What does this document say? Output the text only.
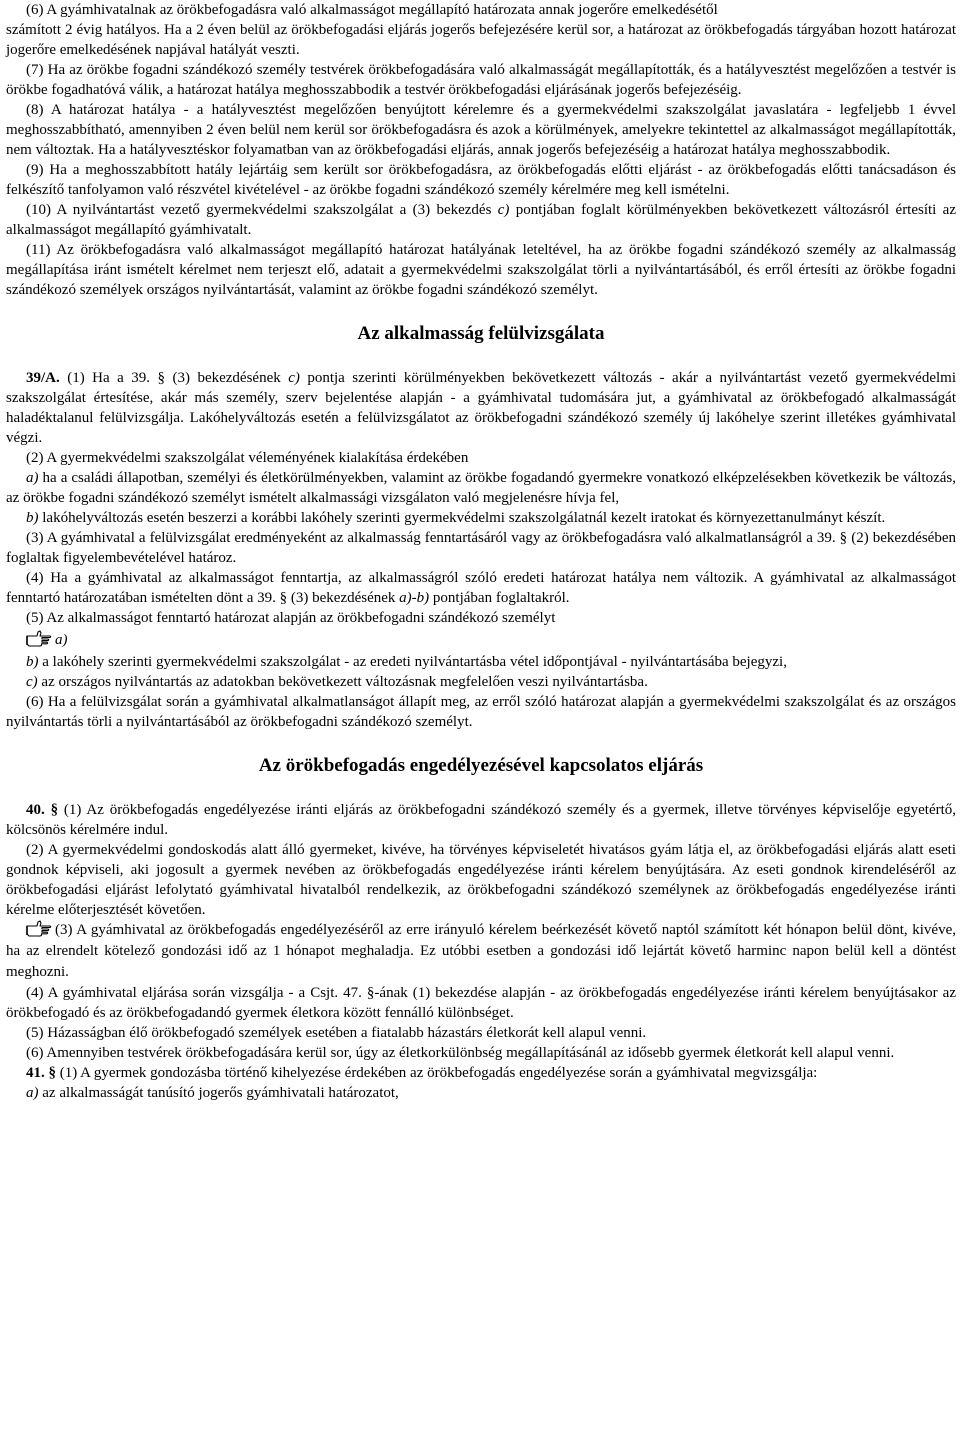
(6) A gyámhivatalnak az örökbefogadásra való alkalmasságot megállapító határozata annak jogerőre emelkedésétől

számított 2 évig hatályos. Ha a 2 éven belül az örökbefogadási eljárás jogerős befejezésére kerül sor, a határozat az örökbefogadás tárgyában hozott határozat jogerőre emelkedésének napjával hatályát veszti.

(7) Ha az örökbe fogadni szándékozó személy testvérek örökbefogadására való alkalmasságát megállapították, és a hatályvesztést megelőzően a testvér is örökbe fogadhatóvá válik, a határozat hatálya meghosszabbodik a testvér örökbefogadási eljárásának jogerős befejezéséig.

(8) A határozat hatálya - a hatályvesztést megelőzően benyújtott kérelemre és a gyermekvédelmi szakszolgálat javaslatára - legfeljebb 1 évvel meghosszabbítható, amennyiben 2 éven belül nem kerül sor örökbefogadásra és azok a körülmények, amelyekre tekintettel az alkalmasságot megállapították, nem változtak. Ha a hatályvesztéskor folyamatban van az örökbefogadási eljárás, annak jogerős befejezéséig a határozat hatálya meghosszabbodik.

(9) Ha a meghosszabbított hatály lejártáig sem került sor örökbefogadásra, az örökbefogadás előtti eljárást - az örökbefogadás előtti tanácsadáson és felkészítő tanfolyamon való részvétel kivételével - az örökbe fogadni szándékozó személy kérelmére meg kell ismételni.

(10) A nyilvántartást vezető gyermekvédelmi szakszolgálat a (3) bekezdés c) pontjában foglalt körülményekben bekövetkezett változásról értesíti az alkalmasságot megállapító gyámhivatalt.

(11) Az örökbefogadásra való alkalmasságot megállapító határozat hatályának leteltével, ha az örökbe fogadni szándékozó személy az alkalmasság megállapítása iránt ismételt kérelmet nem terjeszt elő, adatait a gyermekvédelmi szakszolgálat törli a nyilvántartásából, és erről értesíti az örökbe fogadni szándékozó személyek országos nyilvántartását, valamint az örökbe fogadni szándékozó személyt.

Az alkalmasság felülvizsgálata

39/A. (1) Ha a 39. § (3) bekezdésének c) pontja szerinti körülményekben bekövetkezett változás - akár a nyilvántartást vezető gyermekvédelmi szakszolgálat értesítése, akár más személy, szerv bejelentése alapján - a gyámhivatal tudomására jut, a gyámhivatal az örökbefogadó alkalmasságát haladéktalanul felülvizsgálja. Lakóhelyváltozás esetén a felülvizsgálatot az örökbefogadni szándékozó személy új lakóhelye szerint illetékes gyámhivatal végzi.

(2) A gyermekvédelmi szakszolgálat véleményének kialakítása érdekében

a) ha a családi állapotban, személyi és életkörülményekben, valamint az örökbe fogadandó gyermekre vonatkozó elképzelésekben következik be változás, az örökbe fogadni szándékozó személyt ismételt alkalmassági vizsgálaton való megjelenésre hívja fel,

b) lakóhelyváltozás esetén beszerzi a korábbi lakóhely szerinti gyermekvédelmi szakszolgálatnál kezelt iratokat és környezettanulmányt készít.

(3) A gyámhivatal a felülvizsgálat eredményeként az alkalmasság fenntartásáról vagy az örökbefogadásra való alkalmatlanságról a 39. § (2) bekezdésében foglaltak figyelembevételével határoz.

(4) Ha a gyámhivatal az alkalmasságot fenntartja, az alkalmasságról szóló eredeti határozat hatálya nem változik. A gyámhivatal az alkalmasságot fenntartó határozatában ismételten dönt a 39. § (3) bekezdésének a)-b) pontjában foglaltakról.

(5) Az alkalmasságot fenntartó határozat alapján az örökbefogadni szándékozó személyt

a)

b) a lakóhely szerinti gyermekvédelmi szakszolgálat - az eredeti nyilvántartásba vétel időpontjával - nyilvántartásába bejegyzi,

c) az országos nyilvántartás az adatokban bekövetkezett változásnak megfelelően veszi nyilvántartásba.

(6) Ha a felülvizsgálat során a gyámhivatal alkalmatlanságot állapít meg, az erről szóló határozat alapján a gyermekvédelmi szakszolgálat és az országos nyilvántartás törli a nyilvántartásából az örökbefogadni szándékozó személyt.

Az örökbefogadás engedélyezésével kapcsolatos eljárás

40. § (1) Az örökbefogadás engedélyezése iránti eljárás az örökbefogadni szándékozó személy és a gyermek, illetve törvényes képviselője egyetértő, kölcsönös kérelmére indul.

(2) A gyermekvédelmi gondoskodás alatt álló gyermeket, kivéve, ha törvényes képviseletét hivatásos gyám látja el, az örökbefogadási eljárás alatt eseti gondnok képviseli, aki jogosult a gyermek nevében az örökbefogadás engedélyezése iránti kérelem benyújtására. Az eseti gondnok kirendeléséről az örökbefogadási eljárást lefolytató gyámhivatal hivatalból rendelkezik, az örökbefogadni szándékozó személynek az örökbefogadás engedélyezése iránti kérelme előterjesztését követően.

(3) A gyámhivatal az örökbefogadás engedélyezéséről az erre irányuló kérelem beérkezését követő naptól számított két hónapon belül dönt, kivéve, ha az elrendelt kötelező gondozási idő az 1 hónapot meghaladja. Ez utóbbi esetben a gondozási idő lejártát követő harminc napon belül kell a döntést meghozni.

(4) A gyámhivatal eljárása során vizsgálja - a Csjt. 47. §-ának (1) bekezdése alapján - az örökbefogadás engedélyezése iránti kérelem benyújtásakor az örökbefogadó és az örökbefogadandó gyermek életkora között fennálló különbséget.

(5) Házasságban élő örökbefogadó személyek esetében a fiatalabb házastárs életkorát kell alapul venni.

(6) Amennyiben testvérek örökbefogadására kerül sor, úgy az életkorkülönbség megállapításánál az idősebb gyermek életkorát kell alapul venni.

41. § (1) A gyermek gondozásba történő kihelyezése érdekében az örökbefogadás engedélyezése során a gyámhivatal megvizsgálja:

a) az alkalmasságát tanúsító jogerős gyámhivatali határozatot,
